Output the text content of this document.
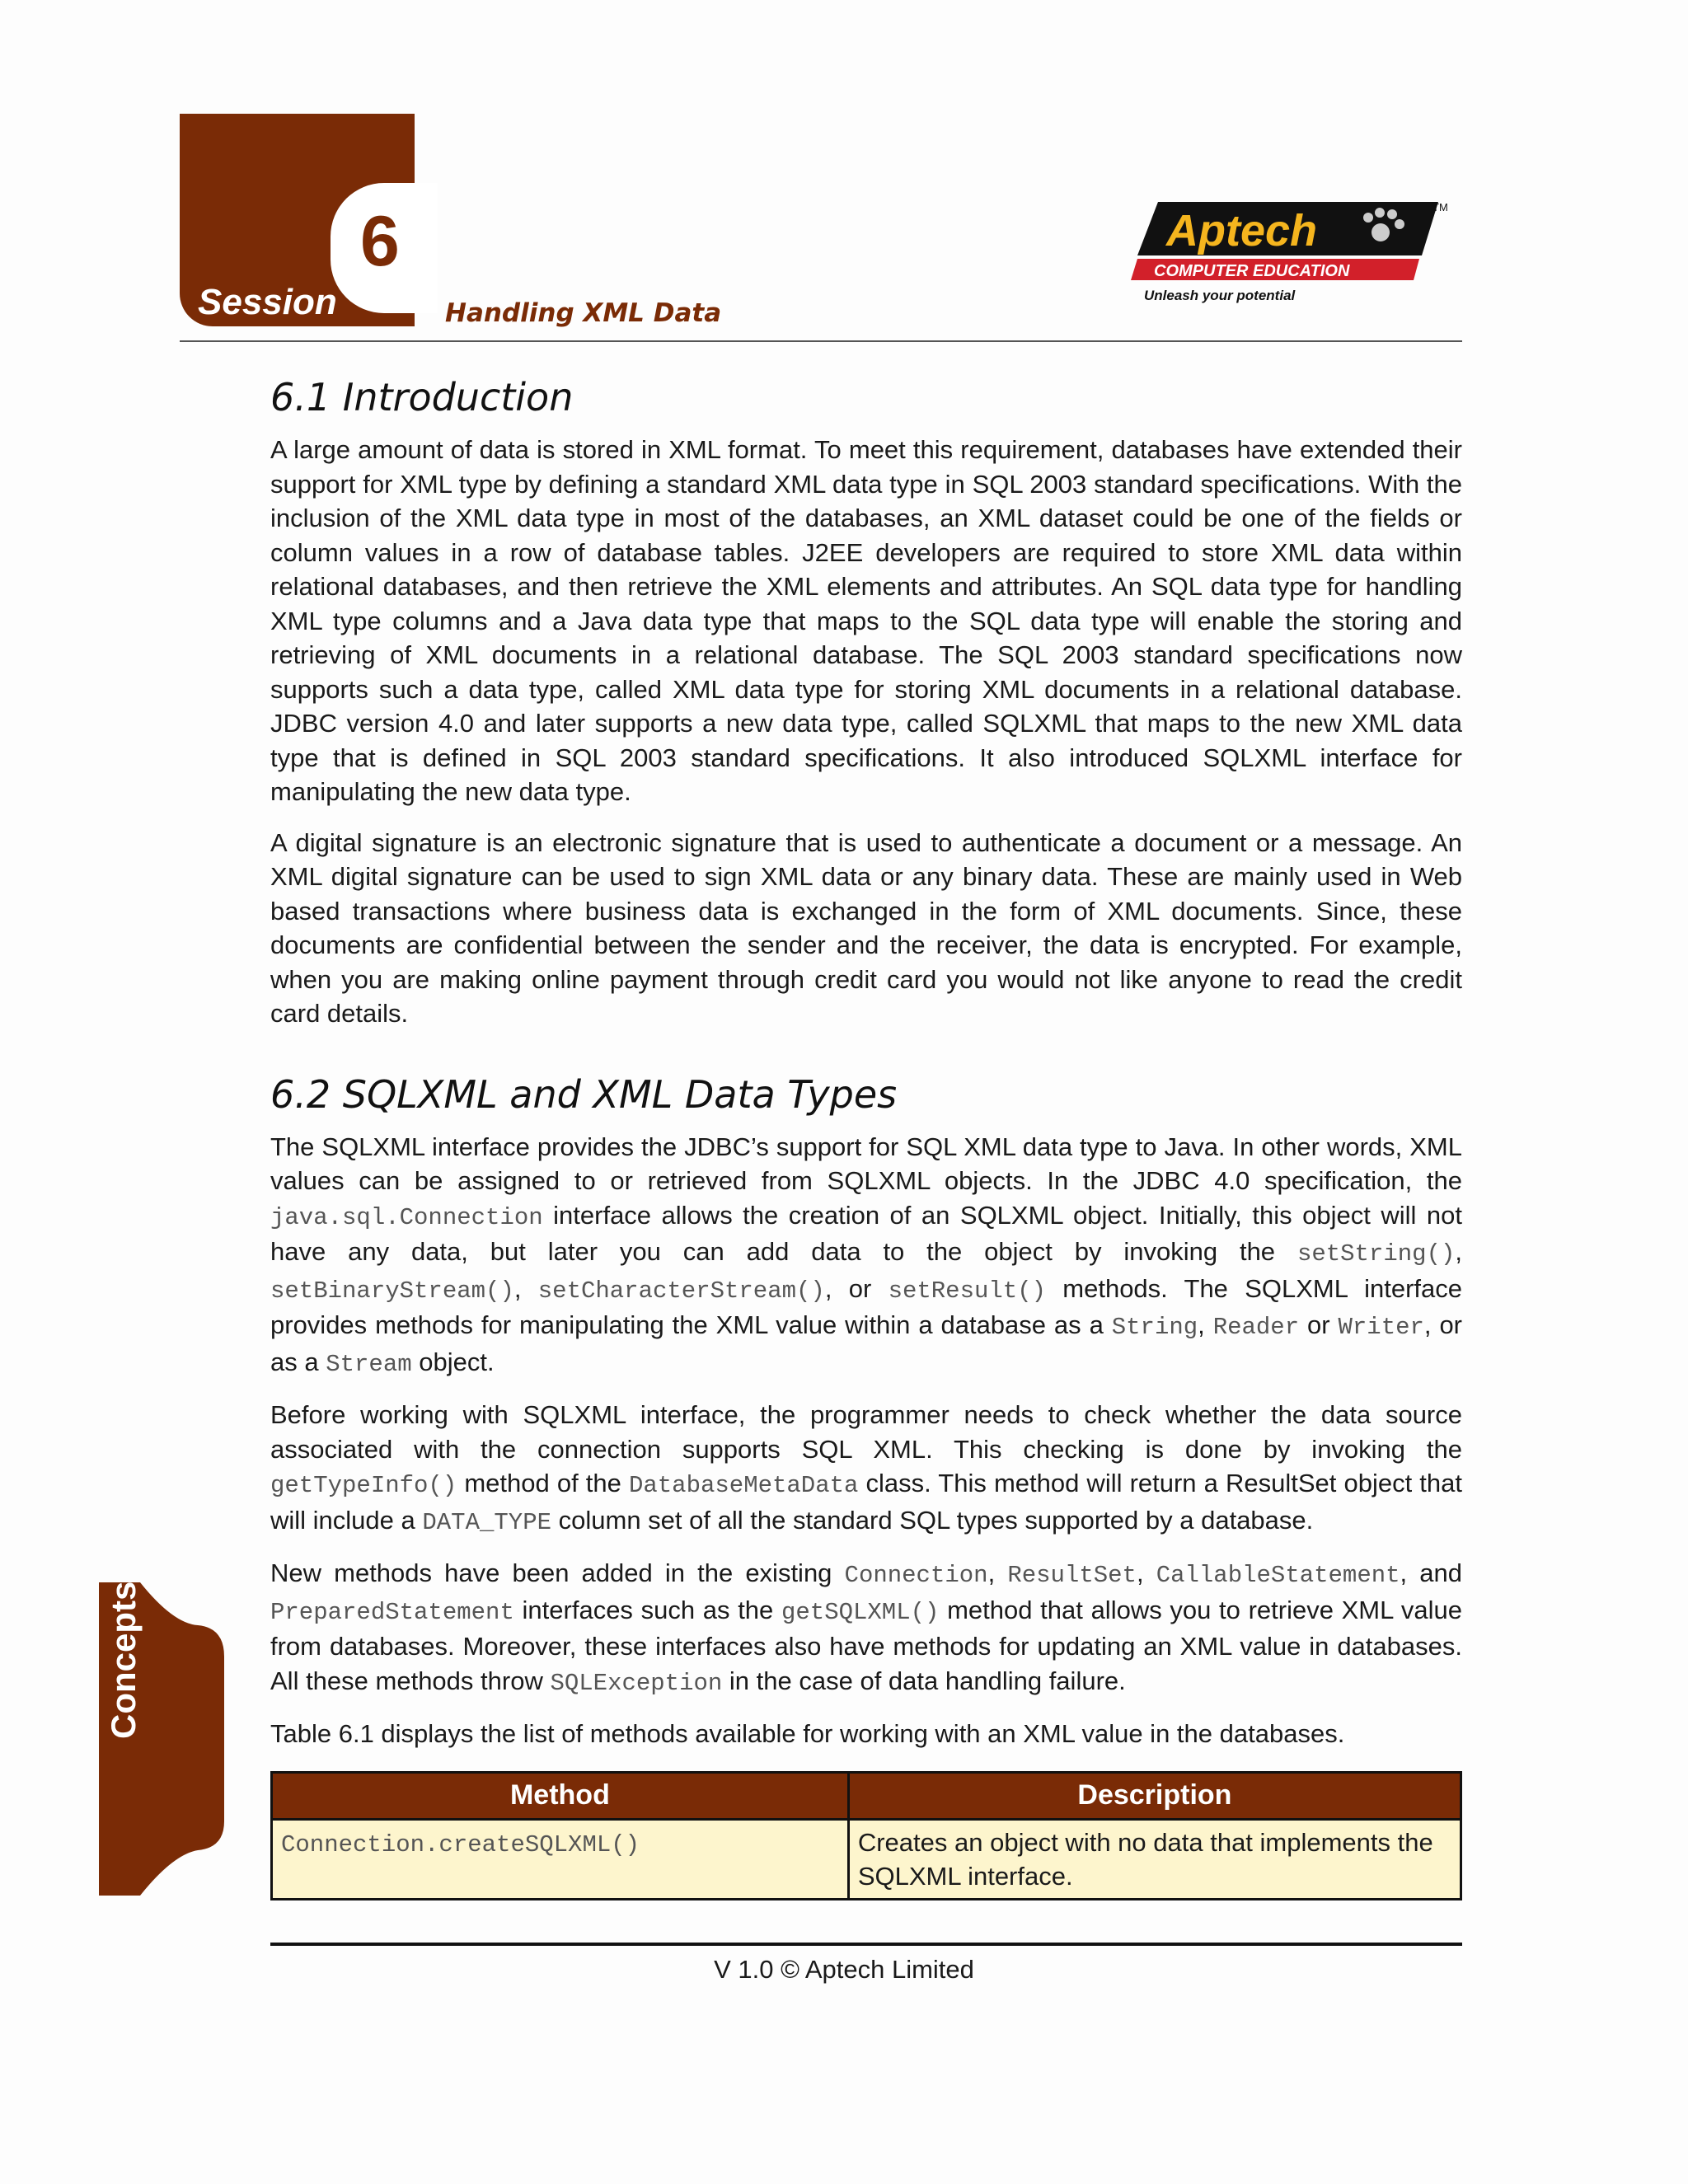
6
Session	Handling XML Data
Aptech	TM
COMPUTER EDUCATION
Unleash your potential
Concepts
6.1 Introduction

A large amount of data is stored in XML format. To meet this requirement, databases have extended their support for XML type by defining a standard XML data type in SQL 2003 standard specifications. With the inclusion of the XML data type in most of the databases, an XML dataset could be one of the fields or column values in a row of database tables. J2EE developers are required to store XML data within relational databases, and then retrieve the XML elements and attributes. An SQL data type for handling XML type columns and a Java data type that maps to the SQL data type will enable the storing and retrieving of XML documents in a relational database. The SQL 2003 standard specifications now supports such a data type, called XML data type for storing XML documents in a relational database. JDBC version 4.0 and later supports a new data type, called SQLXML that maps to the new XML data type that is defined in SQL 2003 standard specifications. It also introduced SQLXML interface for manipulating the new data type.

A digital signature is an electronic signature that is used to authenticate a document or a message. An XML digital signature can be used to sign XML data or any binary data. These are mainly used in Web based transactions where business data is exchanged in the form of XML documents. Since, these documents are confidential between the sender and the receiver, the data is encrypted. For example, when you are making online payment through credit card you would not like anyone to read the credit card details.

6.2 SQLXML and XML Data Types

The SQLXML interface provides the JDBC’s support for SQL XML data type to Java. In other words, XML values can be assigned to or retrieved from SQLXML objects. In the JDBC 4.0 specification, the java.sql.Connection interface allows the creation of an SQLXML object. Initially, this object will not have any data, but later you can add data to the object by invoking the setString(), setBinaryStream(), setCharacterStream(), or setResult() methods. The SQLXML interface provides methods for manipulating the XML value within a database as a String, Reader or Writer, or as a Stream object.

Before working with SQLXML interface, the programmer needs to check whether the data source associated with the connection supports SQL XML. This checking is done by invoking the getTypeInfo() method of the DatabaseMetaData class. This method will return a ResultSet object that will include a DATA_TYPE column set of all the standard SQL types supported by a database.

New methods have been added in the existing Connection, ResultSet, CallableStatement, and PreparedStatement interfaces such as the getSQLXML() method that allows you to retrieve XML value from databases. Moreover, these interfaces also have methods for updating an XML value in databases. All these methods throw SQLException in the case of data handling failure.

Table 6.1 displays the list of methods available for working with an XML value in the databases.

Method	Description
Connection.createSQLXML()	Creates an object with no data that implements the SQLXML interface.
V 1.0 © Aptech Limited
